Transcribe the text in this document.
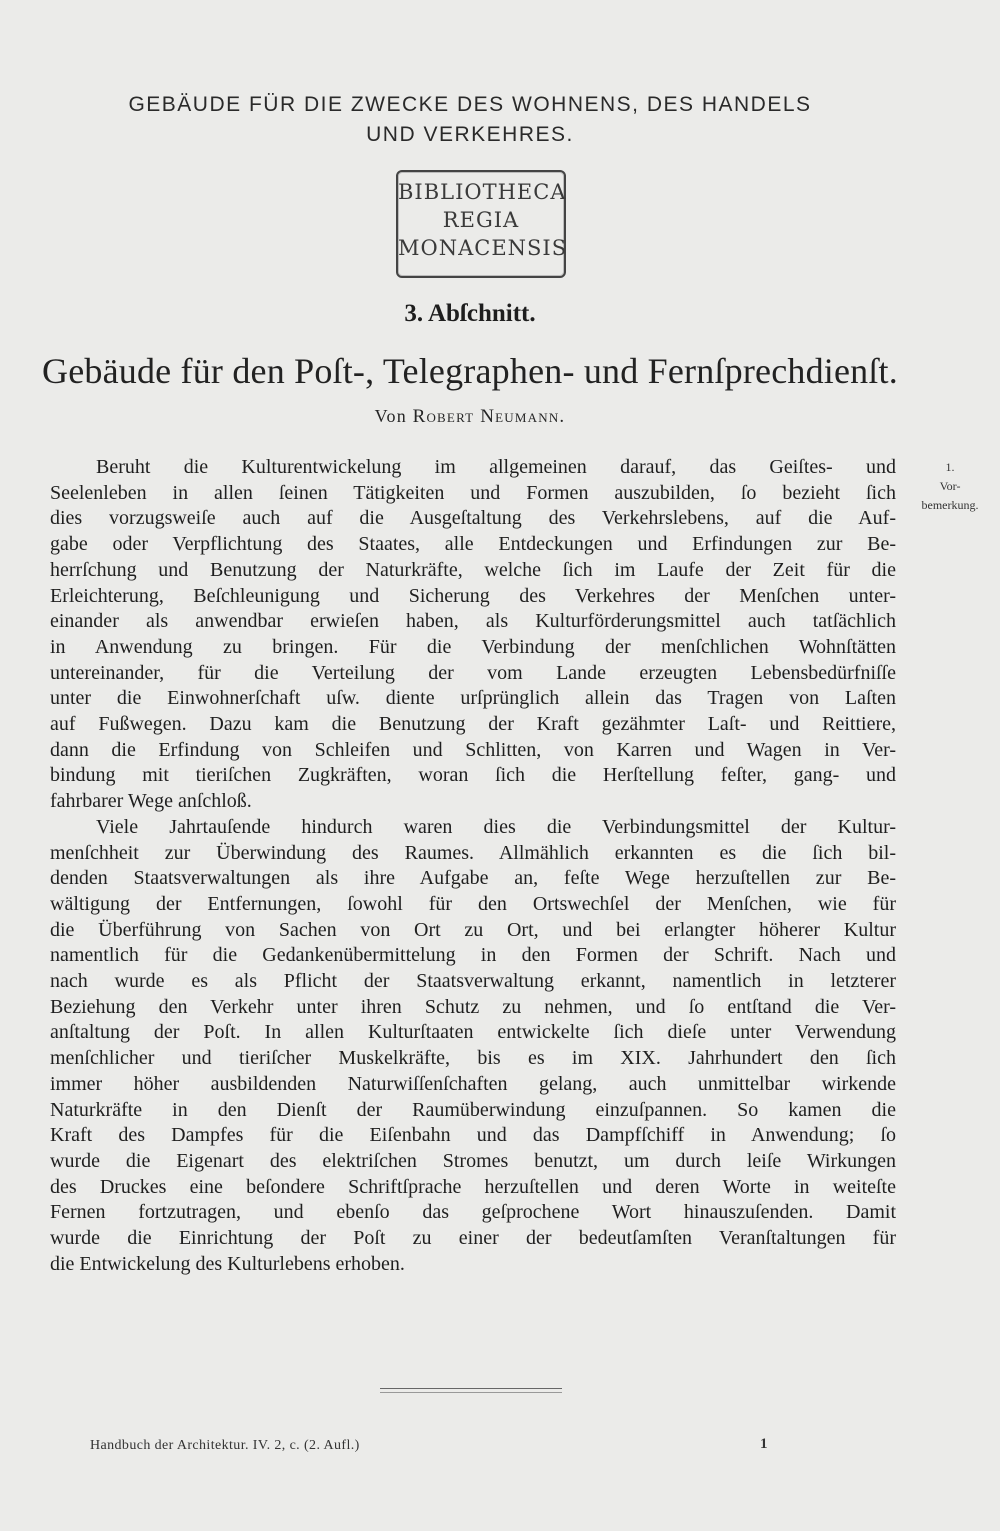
GEBÄUDE FÜR DIE ZWECKE DES WOHNENS, DES HANDELS
UND VERKEHRES.
BIBLIOTHECA
REGIA
MONACENSIS
3. Abſchnitt.
Gebäude für den Poſt-, Telegraphen- und Fernſprechdienſt.
Von Robert Neumann.
1.
Vor-
bemerkung.

Beruht die Kulturentwickelung im allgemeinen darauf, das Geiſtes- und
Seelenleben in allen ſeinen Tätigkeiten und Formen auszubilden, ſo bezieht ſich
dies vorzugsweiſe auch auf die Ausgeſtaltung des Verkehrslebens, auf die Auf-
gabe oder Verpflichtung des Staates, alle Entdeckungen und Erfindungen zur Be-
herrſchung und Benutzung der Naturkräfte, welche ſich im Laufe der Zeit für die
Erleichterung, Beſchleunigung und Sicherung des Verkehres der Menſchen unter-
einander als anwendbar erwieſen haben, als Kulturförderungsmittel auch tatſächlich
in Anwendung zu bringen. Für die Verbindung der menſchlichen Wohnſtätten
untereinander, für die Verteilung der vom Lande erzeugten Lebensbedürfniſſe
unter die Einwohnerſchaft uſw. diente urſprünglich allein das Tragen von Laſten
auf Fußwegen. Dazu kam die Benutzung der Kraft gezähmter Laſt- und Reittiere,
dann die Erfindung von Schleifen und Schlitten, von Karren und Wagen in Ver-
bindung mit tieriſchen Zugkräften, woran ſich die Herſtellung feſter, gang- und
fahrbarer Wege anſchloß.

Viele Jahrtauſende hindurch waren dies die Verbindungsmittel der Kultur-
menſchheit zur Überwindung des Raumes. Allmählich erkannten es die ſich bil-
denden Staatsverwaltungen als ihre Aufgabe an, feſte Wege herzuſtellen zur Be-
wältigung der Entfernungen, ſowohl für den Ortswechſel der Menſchen, wie für
die Überführung von Sachen von Ort zu Ort, und bei erlangter höherer Kultur
namentlich für die Gedankenübermittelung in den Formen der Schrift. Nach und
nach wurde es als Pflicht der Staatsverwaltung erkannt, namentlich in letzterer
Beziehung den Verkehr unter ihren Schutz zu nehmen, und ſo entſtand die Ver-
anſtaltung der Poſt. In allen Kulturſtaaten entwickelte ſich dieſe unter Verwendung
menſchlicher und tieriſcher Muskelkräfte, bis es im XIX. Jahrhundert den ſich
immer höher ausbildenden Naturwiſſenſchaften gelang, auch unmittelbar wirkende
Naturkräfte in den Dienſt der Raumüberwindung einzuſpannen. So kamen die
Kraft des Dampfes für die Eiſenbahn und das Dampfſchiff in Anwendung; ſo
wurde die Eigenart des elektriſchen Stromes benutzt, um durch leiſe Wirkungen
des Druckes eine beſondere Schriftſprache herzuſtellen und deren Worte in weiteſte
Fernen fortzutragen, und ebenſo das geſprochene Wort hinauszuſenden. Damit
wurde die Einrichtung der Poſt zu einer der bedeutſamſten Veranſtaltungen für
die Entwickelung des Kulturlebens erhoben.

Handbuch der Architektur. IV. 2, c. (2. Aufl.)	1
